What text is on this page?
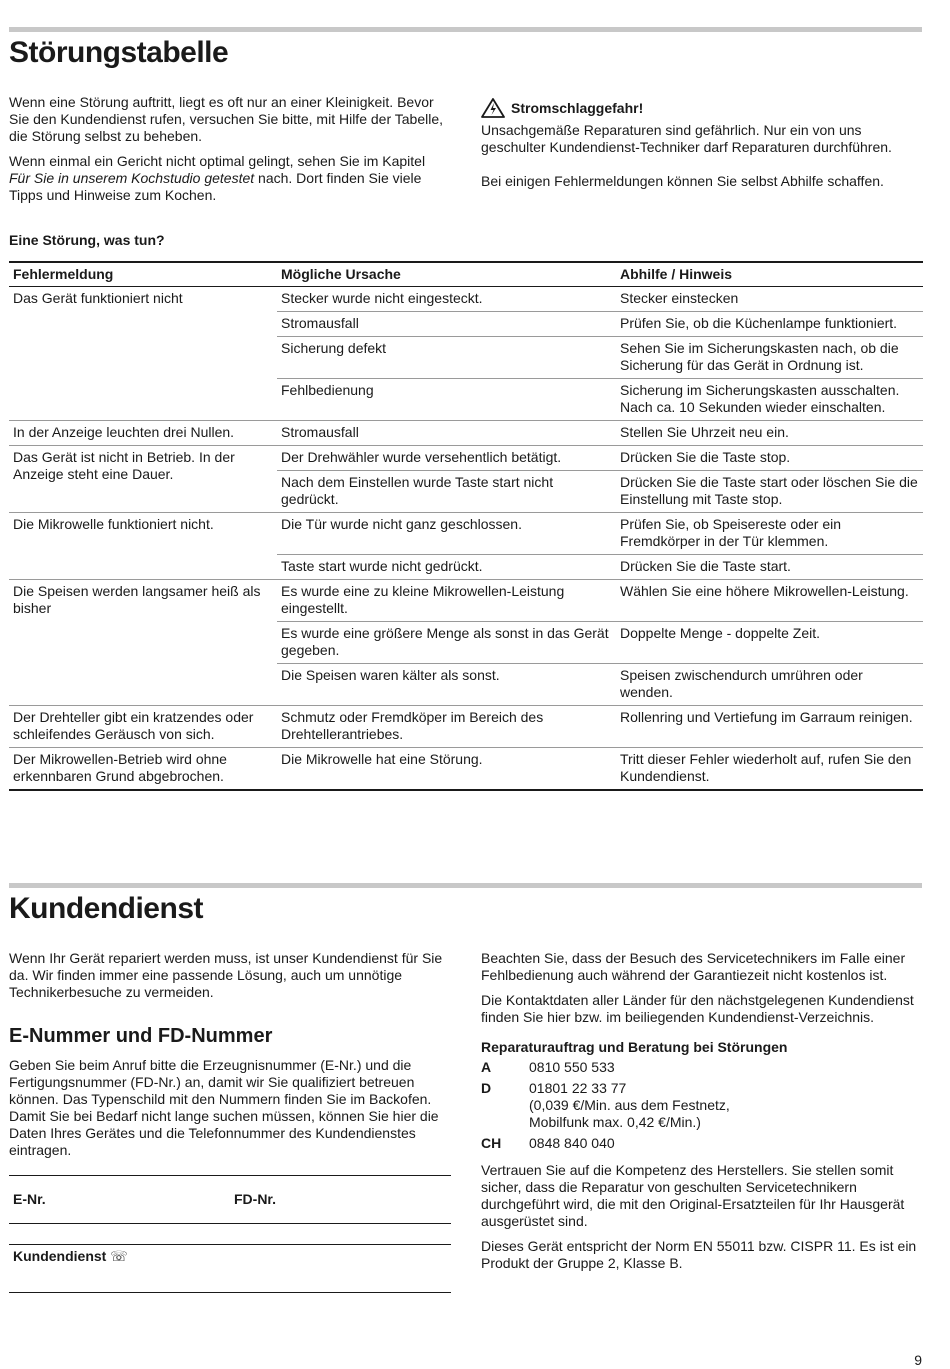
Störungstabelle

Wenn eine Störung auftritt, liegt es oft nur an einer Kleinigkeit. Bevor Sie den Kundendienst rufen, versuchen Sie bitte, mit Hilfe der Tabelle, die Störung selbst zu beheben.

Wenn einmal ein Gericht nicht optimal gelingt, sehen Sie im Kapitel Für Sie in unserem Kochstudio getestet nach. Dort finden Sie viele Tipps und Hinweise zum Kochen.

Eine Störung, was tun?
Stromschlaggefahr!

Unsachgemäße Reparaturen sind gefährlich. Nur ein von uns geschulter Kundendienst-Techniker darf Reparaturen durchführen.

Bei einigen Fehlermeldungen können Sie selbst Abhilfe schaffen.

Fehlermeldung	Mögliche Ursache	Abhilfe / Hinweis
Das Gerät funktioniert nicht	Stecker wurde nicht eingesteckt.	Stecker einstecken
	Stromausfall	Prüfen Sie, ob die Küchenlampe funktioniert.
	Sicherung defekt	Sehen Sie im Sicherungskasten nach, ob die Sicherung für das Gerät in Ordnung ist.
	Fehlbedienung	Sicherung im Sicherungskasten ausschalten. Nach ca. 10 Sekunden wieder einschalten.
In der Anzeige leuchten drei Nullen.	Stromausfall	Stellen Sie Uhrzeit neu ein.
Das Gerät ist nicht in Betrieb. In der Anzeige steht eine Dauer.	Der Drehwähler wurde versehentlich betätigt.	Drücken Sie die Taste stop.
	Nach dem Einstellen wurde Taste start nicht gedrückt.	Drücken Sie die Taste start oder löschen Sie die Einstellung mit Taste stop.
Die Mikrowelle funktioniert nicht.	Die Tür wurde nicht ganz geschlossen.	Prüfen Sie, ob Speisereste oder ein Fremdkörper in der Tür klemmen.
	Taste start wurde nicht gedrückt.	Drücken Sie die Taste start.
Die Speisen werden langsamer heiß als bisher	Es wurde eine zu kleine Mikrowellen-Leistung eingestellt.	Wählen Sie eine höhere Mikrowellen-Leistung.
	Es wurde eine größere Menge als sonst in das Gerät gegeben.	Doppelte Menge - doppelte Zeit.
	Die Speisen waren kälter als sonst.	Speisen zwischendurch umrühren oder wenden.
Der Drehteller gibt ein kratzendes oder schleifendes Geräusch von sich.	Schmutz oder Fremdköper im Bereich des Drehtellerantriebes.	Rollenring und Vertiefung im Garraum reinigen.
Der Mikrowellen-Betrieb wird ohne erkennbaren Grund abgebrochen.	Die Mikrowelle hat eine Störung.	Tritt dieser Fehler wiederholt auf, rufen Sie den Kundendienst.
Kundendienst

Wenn Ihr Gerät repariert werden muss, ist unser Kundendienst für Sie da. Wir finden immer eine passende Lösung, auch um unnötige Technikerbesuche zu vermeiden.

E-Nummer und FD-Nummer

Geben Sie beim Anruf bitte die Erzeugnisnummer (E-Nr.) und die Fertigungsnummer (FD-Nr.) an, damit wir Sie qualifiziert betreuen können. Das Typenschild mit den Nummern finden Sie im Backofen. Damit Sie bei Bedarf nicht lange suchen müssen, können Sie hier die Daten Ihres Gerätes und die Telefonnummer des Kundendienstes eintragen.

E-Nr.	FD-Nr.
Kundendienst ☏

Beachten Sie, dass der Besuch des Servicetechnikers im Falle einer Fehlbedienung auch während der Garantiezeit nicht kostenlos ist.

Die Kontaktdaten aller Länder für den nächstgelegenen Kundendienst finden Sie hier bzw. im beiliegenden Kundendienst-Verzeichnis.

Reparaturauftrag und Beratung bei Störungen
A	0810 550 533
D	01801 22 33 77
(0,039 €/Min. aus dem Festnetz,
Mobilfunk max. 0,42 €/Min.)
CH	0848 840 040

Vertrauen Sie auf die Kompetenz des Herstellers. Sie stellen somit sicher, dass die Reparatur von geschulten Servicetechnikern durchgeführt wird, die mit den Original-Ersatzteilen für Ihr Hausgerät ausgerüstet sind.

Dieses Gerät entspricht der Norm EN 55011 bzw. CISPR 11. Es ist ein Produkt der Gruppe 2, Klasse B.

9
